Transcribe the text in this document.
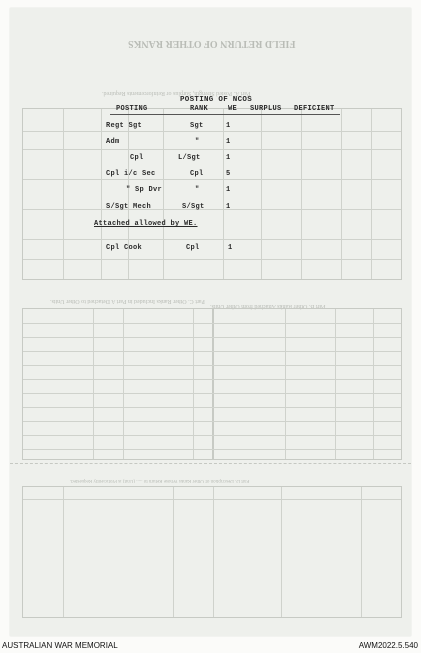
FIELD RETURN OF OTHER RANKS
Part A. Posted Strength, Surplus or Reinforcements Required.
Part B. Other Ranks Attached from Other Units.
Part C. Other Ranks Included in Part A Detached to Other Units.
Part D. Description of Other Ranks Whose Return to ..... (Unit) is Proficiently Requested.
POSTING OF NCOS
POSTING	RANK	WE SURPLUS DEFICIENT
Regt Sgt	Sgt	1
Adm	"	1
Cpl	L/Sgt	1
Cpl i/c Sec	Cpl	5
" Sp Dvr	"	1
S/Sgt Mech	S/Sgt	1
Attached allowed by WE.
Cpl Cook	Cpl	1
AUSTRALIAN WAR MEMORIAL	AWM2022.5.540
